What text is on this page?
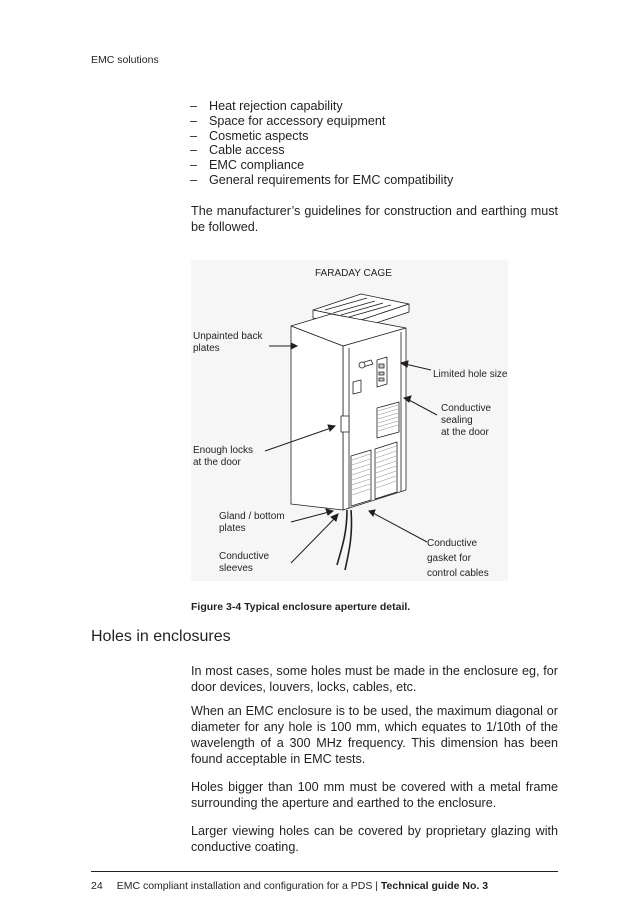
EMC solutions
– Heat rejection capability
– Space for accessory equipment
– Cosmetic aspects
– Cable access
– EMC compliance
– General requirements for EMC compatibility

The manufacturer’s guidelines for construction and earthing must be followed.

FARADAY CAGE
Unpainted back
plates
Limited hole size
Conductive
sealing
at the door
Enough locks
at the door
Gland / bottom
plates
Conductive
sleeves
Conductive
gasket for
control cables
Figure 3-4 Typical enclosure aperture detail.
Holes in enclosures

In most cases, some holes must be made in the enclosure eg, for door devices, louvers, locks, cables, etc.

When an EMC enclosure is to be used, the maximum diagonal or diameter for any hole is 100 mm, which equates to 1/10th of the wavelength of a 300 MHz frequency. This dimension has been found acceptable in EMC tests.

Holes bigger than 100 mm must be covered with a metal frame surrounding the aperture and earthed to the enclosure.

Larger viewing holes can be covered by proprietary glazing with conductive coating.

24 EMC compliant installation and configuration for a PDS | Technical guide No. 3
